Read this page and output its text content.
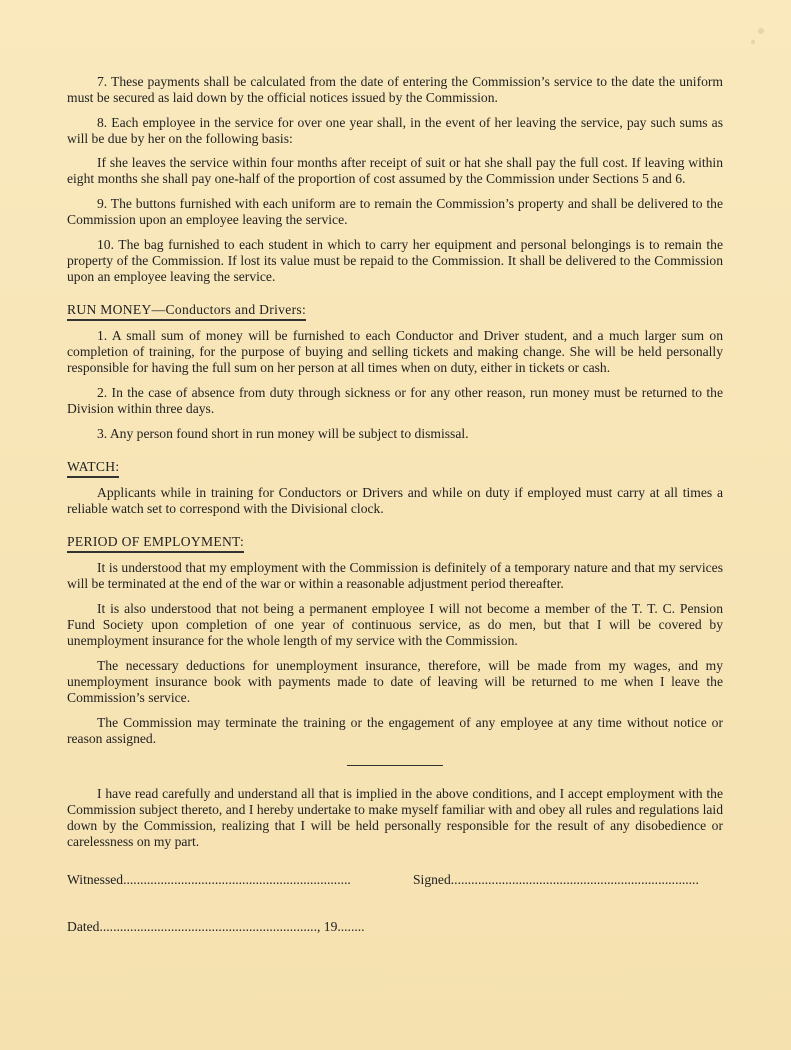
7. These payments shall be calculated from the date of entering the Commission’s service to the date the uniform must be secured as laid down by the official notices issued by the Commission.

8. Each employee in the service for over one year shall, in the event of her leaving the service, pay such sums as will be due by her on the following basis:

If she leaves the service within four months after receipt of suit or hat she shall pay the full cost. If leaving within eight months she shall pay one-half of the proportion of cost assumed by the Commission under Sections 5 and 6.

9. The buttons furnished with each uniform are to remain the Commission’s property and shall be delivered to the Commission upon an employee leaving the service.

10. The bag furnished to each student in which to carry her equipment and personal belongings is to remain the property of the Commission. If lost its value must be repaid to the Commission. It shall be delivered to the Commission upon an employee leaving the service.

RUN MONEY—Conductors and Drivers:

1. A small sum of money will be furnished to each Conductor and Driver student, and a much larger sum on completion of training, for the purpose of buying and selling tickets and making change. She will be held personally responsible for having the full sum on her person at all times when on duty, either in tickets or cash.

2. In the case of absence from duty through sickness or for any other reason, run money must be returned to the Division within three days.

3. Any person found short in run money will be subject to dismissal.

WATCH:

Applicants while in training for Conductors or Drivers and while on duty if employed must carry at all times a reliable watch set to correspond with the Divisional clock.

PERIOD OF EMPLOYMENT:

It is understood that my employment with the Commission is definitely of a temporary nature and that my services will be terminated at the end of the war or within a reasonable adjustment period thereafter.

It is also understood that not being a permanent employee I will not become a member of the T. T. C. Pension Fund Society upon completion of one year of continuous service, as do men, but that I will be covered by unemployment insurance for the whole length of my service with the Commission.

The necessary deductions for unemployment insurance, therefore, will be made from my wages, and my unemployment insurance book with payments made to date of leaving will be returned to me when I leave the Commission’s service.

The Commission may terminate the training or the engagement of any employee at any time without notice or reason assigned.

I have read carefully and understand all that is implied in the above conditions, and I accept employment with the Commission subject thereto, and I hereby undertake to make myself familiar with and obey all rules and regulations laid down by the Commission, realizing that I will be held personally responsible for the result of any disobedience or carelessness on my part.

Witnessed...................................................................	Signed.........................................................................
Dated................................................................, 19........
